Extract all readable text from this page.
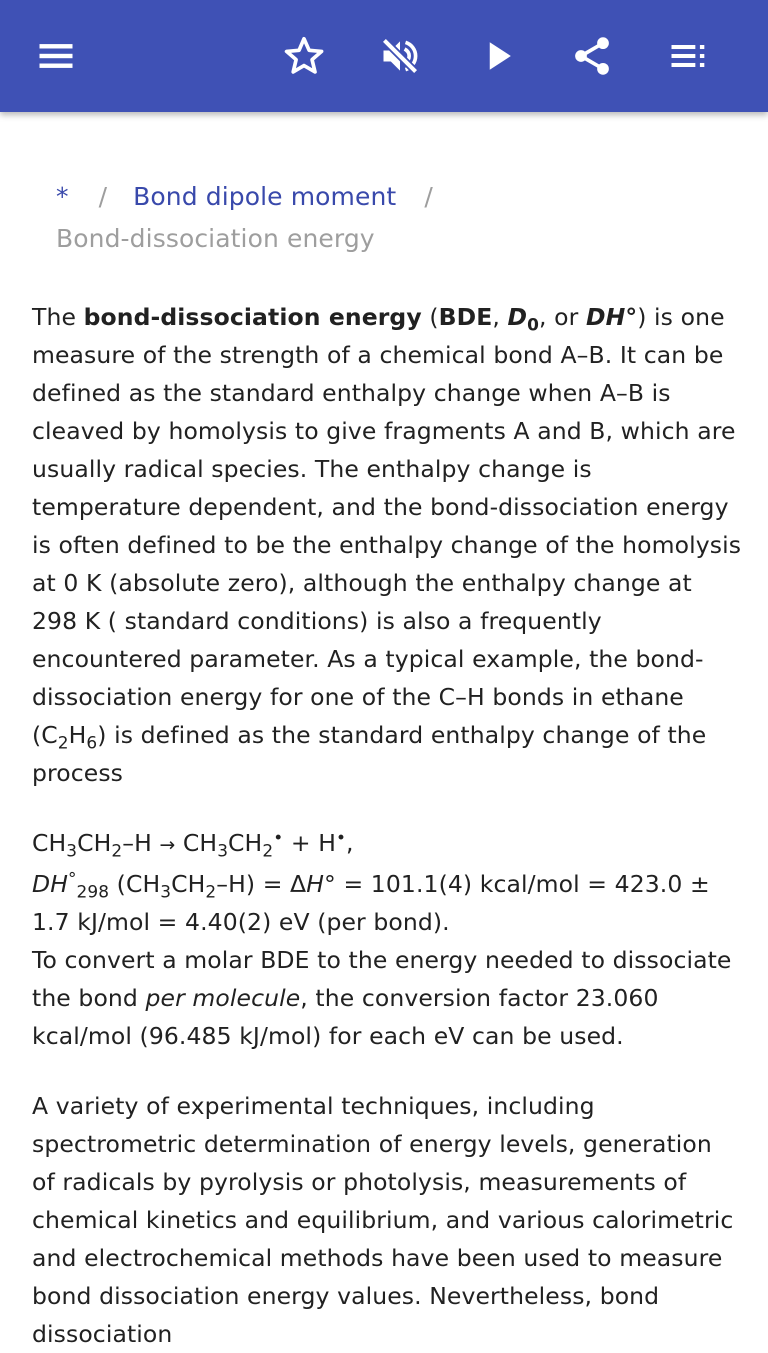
* / Bond dipole moment /
Bond-dissociation energy

The bond-dissociation energy (BDE, $D_0$, or DH°) is one measure of the strength of a chemical bond A–B. It can be defined as the standard enthalpy change when A–B is cleaved by homolysis to give fragments A and B, which are usually radical species. The enthalpy change is temperature dependent, and the bond-dissociation energy is often defined to be the enthalpy change of the homolysis at 0 K (absolute zero), although the enthalpy change at 298 K ( standard conditions) is also a frequently encountered parameter. As a typical example, the bond-dissociation energy for one of the C–H bonds in ethane $(C_2H_6)$ is defined as the standard enthalpy change of the process

$CH_3CH_2-H \to CH_3CH_2^• + H^•$,
$DH^\circ_{298}$ $(CH_3CH_2-H) = \Delta H^\circ = 101.1(4)$ kcal/mol = 423.0 ± 1.7 kJ/mol = 4.40(2) eV (per bond).
To convert a molar BDE to the energy needed to dissociate the bond per molecule, the conversion factor 23.060 kcal/mol (96.485 kJ/mol) for each eV can be used.

A variety of experimental techniques, including spectrometric determination of energy levels, generation of radicals by pyrolysis or photolysis, measurements of chemical kinetics and equilibrium, and various calorimetric and electrochemical methods have been used to measure bond dissociation energy values. Nevertheless, bond dissociation
